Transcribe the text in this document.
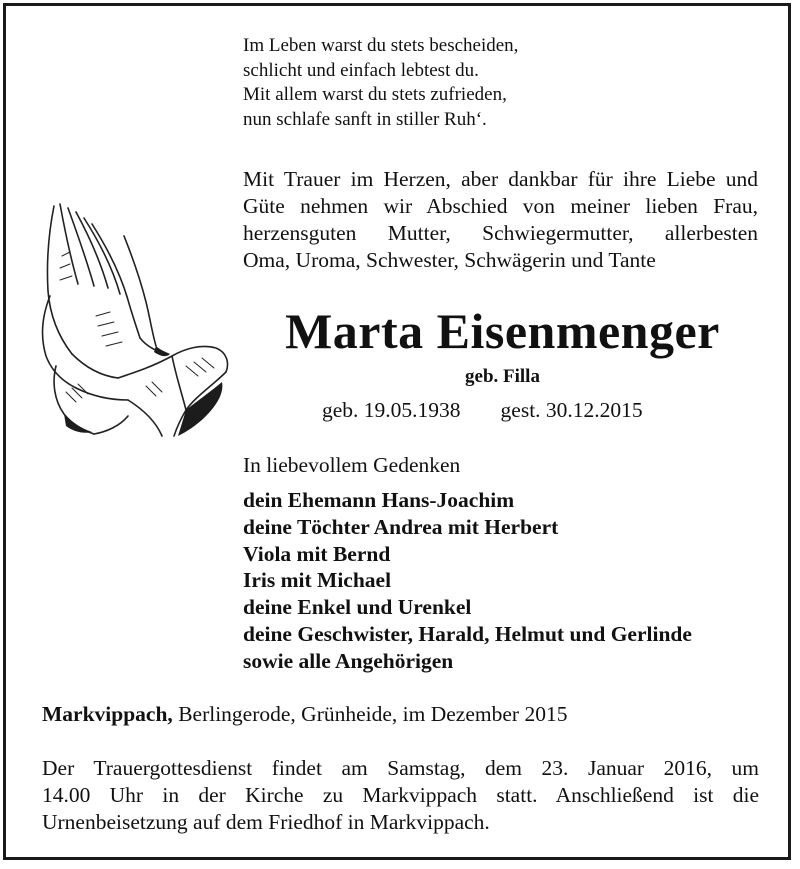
Im Leben warst du stets bescheiden,
schlicht und einfach lebtest du.
Mit allem warst du stets zufrieden,
nun schlafe sanft in stiller Ruh‘.
Mit Trauer im Herzen, aber dankbar für ihre Liebe und
Güte nehmen wir Abschied von meiner lieben Frau,
herzensguten Mutter, Schwiegermutter, allerbesten
Oma, Uroma, Schwester, Schwägerin und Tante
Marta Eisenmenger
geb. Filla
geb. 19.05.1938 gest. 30.12.2015
In liebevollem Gedenken
dein Ehemann Hans-Joachim
deine Töchter Andrea mit Herbert
Viola mit Bernd
Iris mit Michael
deine Enkel und Urenkel
deine Geschwister, Harald, Helmut und Gerlinde
sowie alle Angehörigen
Markvippach, Berlingerode, Grünheide, im Dezember 2015
Der Trauergottesdienst findet am Samstag, dem 23. Januar 2016, um
14.00 Uhr in der Kirche zu Markvippach statt. Anschließend ist die
Urnenbeisetzung auf dem Friedhof in Markvippach.
